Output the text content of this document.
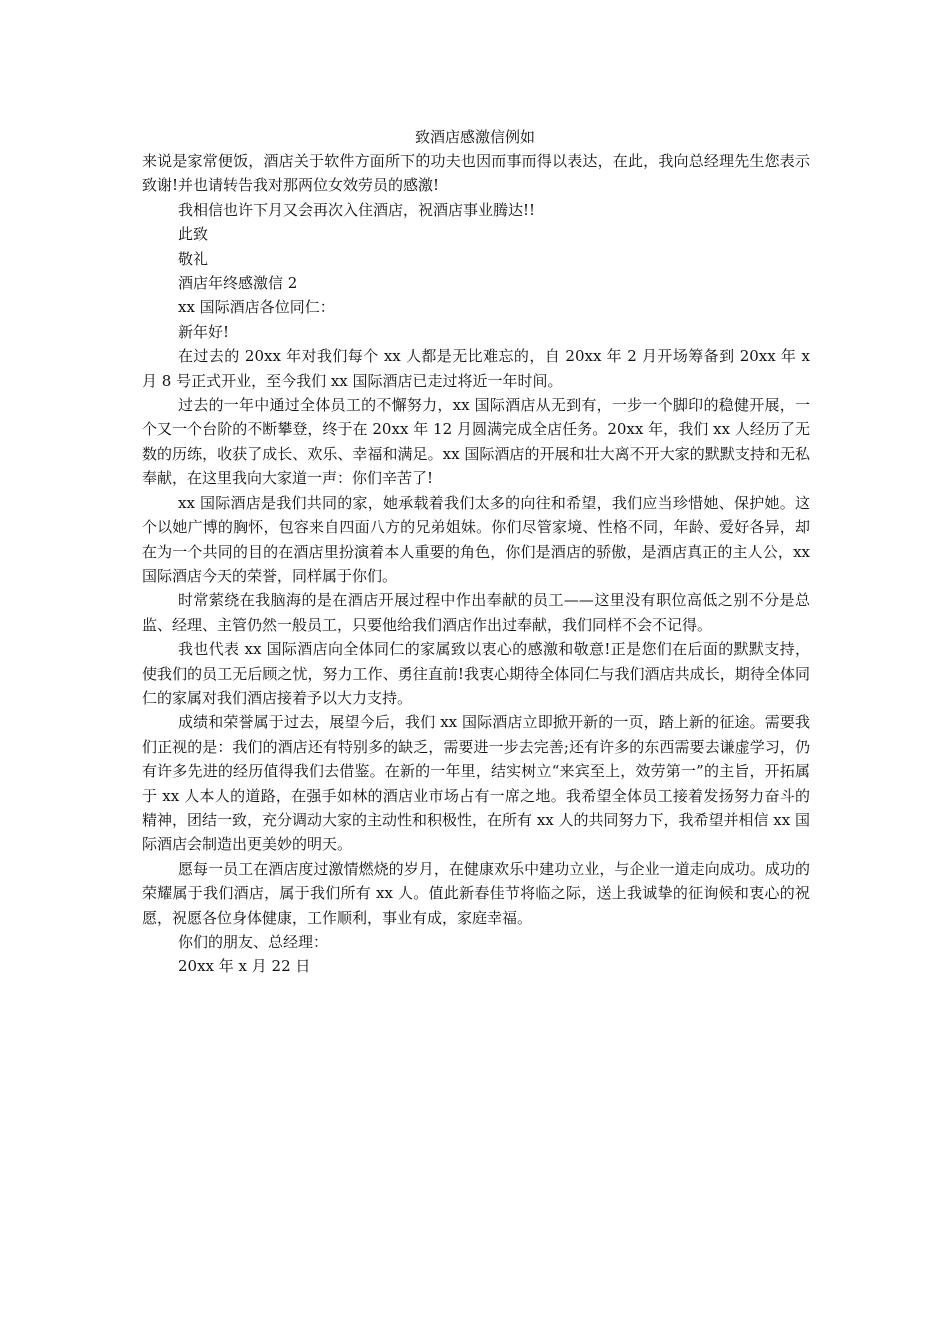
致酒店感激信例如

来说是家常便饭，酒店关于软件方面所下的功夫也因而事而得以表达，在此，我向总经理先生您表示致谢!并也请转告我对那两位女效劳员的感激!

我相信也许下月又会再次入住酒店，祝酒店事业腾达!!

此致

敬礼

酒店年终感激信 2

xx 国际酒店各位同仁：

新年好!

在过去的 20xx 年对我们每个 xx 人都是无比难忘的，自 20xx 年 2 月开场筹备到 20xx 年 x 月 8 号正式开业，至今我们 xx 国际酒店已走过将近一年时间。

过去的一年中通过全体员工的不懈努力，xx 国际酒店从无到有，一步一个脚印的稳健开展，一个又一个台阶的不断攀登，终于在 20xx 年 12 月圆满完成全店任务。20xx 年，我们 xx 人经历了无数的历练，收获了成长、欢乐、幸福和满足。xx 国际酒店的开展和壮大离不开大家的默默支持和无私奉献，在这里我向大家道一声：你们辛苦了!

xx 国际酒店是我们共同的家，她承载着我们太多的向往和希望，我们应当珍惜她、保护她。这个以她广博的胸怀，包容来自四面八方的兄弟姐妹。你们尽管家境、性格不同，年龄、爱好各异，却在为一个共同的目的在酒店里扮演着本人重要的角色，你们是酒店的骄傲，是酒店真正的主人公，xx 国际酒店今天的荣誉，同样属于你们。

时常萦绕在我脑海的是在酒店开展过程中作出奉献的员工——这里没有职位高低之别不分是总监、经理、主管仍然一般员工，只要他给我们酒店作出过奉献，我们同样不会不记得。

我也代表 xx 国际酒店向全体同仁的家属致以衷心的感激和敬意!正是您们在后面的默默支持，使我们的员工无后顾之忧，努力工作、勇往直前!我衷心期待全体同仁与我们酒店共成长，期待全体同仁的家属对我们酒店接着予以大力支持。

成绩和荣誉属于过去，展望今后，我们 xx 国际酒店立即掀开新的一页，踏上新的征途。需要我们正视的是：我们的酒店还有特别多的缺乏，需要进一步去完善;还有许多的东西需要去谦虚学习，仍有许多先进的经历值得我们去借鉴。在新的一年里，结实树立“来宾至上，效劳第一”的主旨，开拓属于 xx 人本人的道路，在强手如林的酒店业市场占有一席之地。我希望全体员工接着发扬努力奋斗的精神，团结一致，充分调动大家的主动性和积极性，在所有 xx 人的共同努力下，我希望并相信 xx 国际酒店会制造出更美妙的明天。

愿每一员工在酒店度过激情燃烧的岁月，在健康欢乐中建功立业，与企业一道走向成功。成功的荣耀属于我们酒店，属于我们所有 xx 人。值此新春佳节将临之际，送上我诚挚的征询候和衷心的祝愿，祝愿各位身体健康，工作顺利，事业有成，家庭幸福。

你们的朋友、总经理：

20xx 年 x 月 22 日
